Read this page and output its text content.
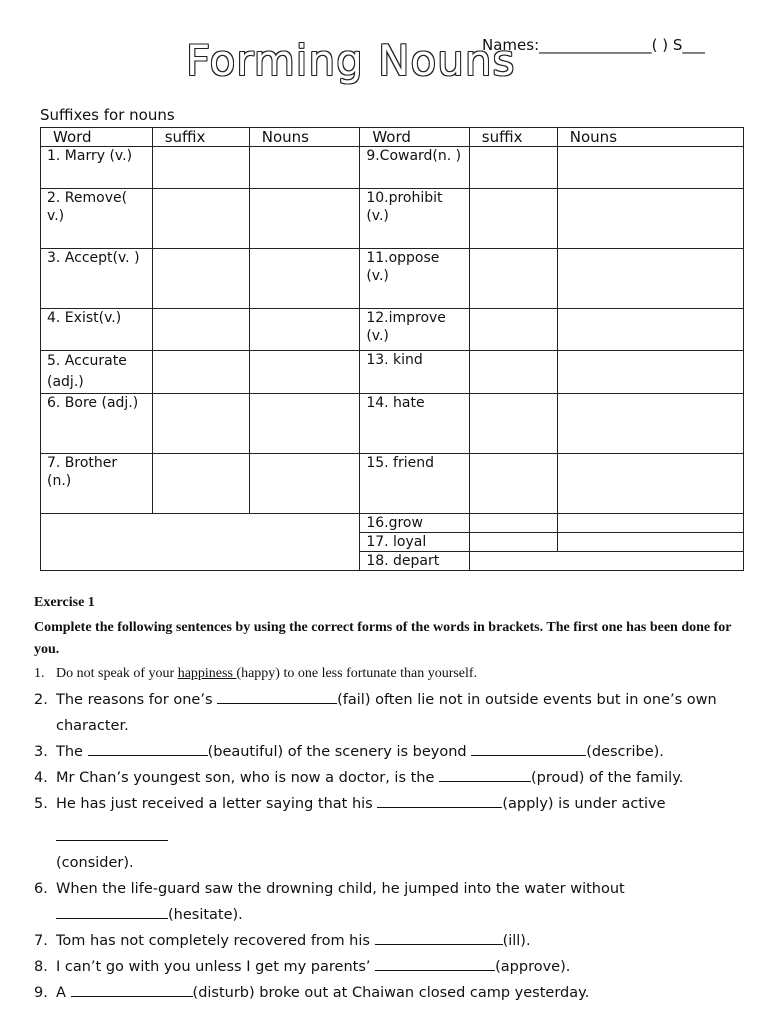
Forming Nouns
Names:_______________( ) S___
Suffixes for nouns
Word	suffix	Nouns	Word	suffix	Nouns
1. Marry (v.)			9.Coward(n. )		
2. Remove( v.)			10.prohibit (v.)		
3. Accept(v. )			11.oppose (v.)		
4. Exist(v.)			12.improve (v.)		
5. Accurate (adj.)			13. kind		
6. Bore (adj.)			14. hate		
7. Brother (n.)			15. friend		
			16.grow		
			17. loyal		
			18. depart		
Exercise 1
Complete the following sentences by using the correct forms of the words in brackets. The first one has been done for you.
1. Do not speak of your happiness (happy) to one less fortunate than yourself.
2. The reasons for one’s	(fail) often lie not in outside events but in one’s own character.
3. The	(beautiful) of the scenery is beyond	(describe).
4. Mr Chan’s youngest son, who is now a doctor, is the	(proud) of the family.
5. He has just received a letter saying that his	(apply) is under active

(consider).
6. When the life-guard saw the drowning child, he jumped into the water without
(hesitate).
7. Tom has not completely recovered from his	(ill).
8. I can’t go with you unless I get my parents’	(approve).
9. A	(disturb) broke out at Chaiwan closed camp yesterday.
